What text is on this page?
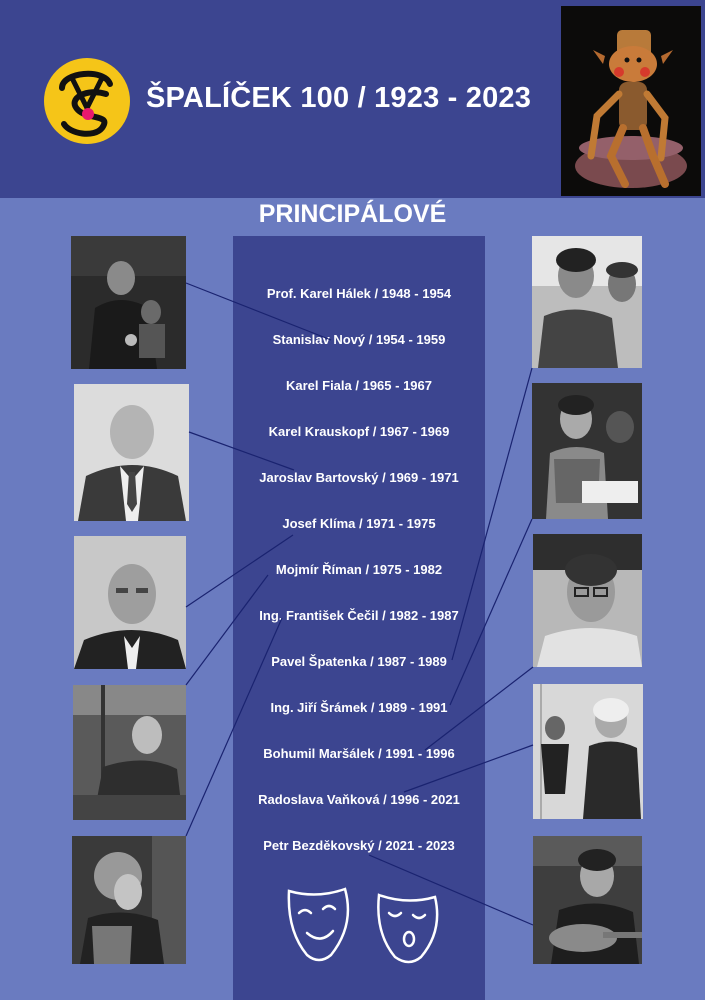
ŠPALÍČEK 100 / 1923 - 2023
PRINCIPÁLOVÉ
Prof. Karel Hálek / 1948 - 1954
Stanislav Nový / 1954 - 1959
Karel Fiala / 1965 - 1967
Karel Krauskopf / 1967 - 1969
Jaroslav Bartovský / 1969 - 1971
Josef Klíma / 1971 - 1975
Mojmír Říman / 1975 - 1982
Ing. František Čečil / 1982 - 1987
Pavel Špatenka / 1987 - 1989
Ing. Jiří Šrámek / 1989 - 1991
Bohumil Maršálek / 1991 - 1996
Radoslava Vaňková / 1996 - 2021
Petr Bezděkovský / 2021 - 2023
